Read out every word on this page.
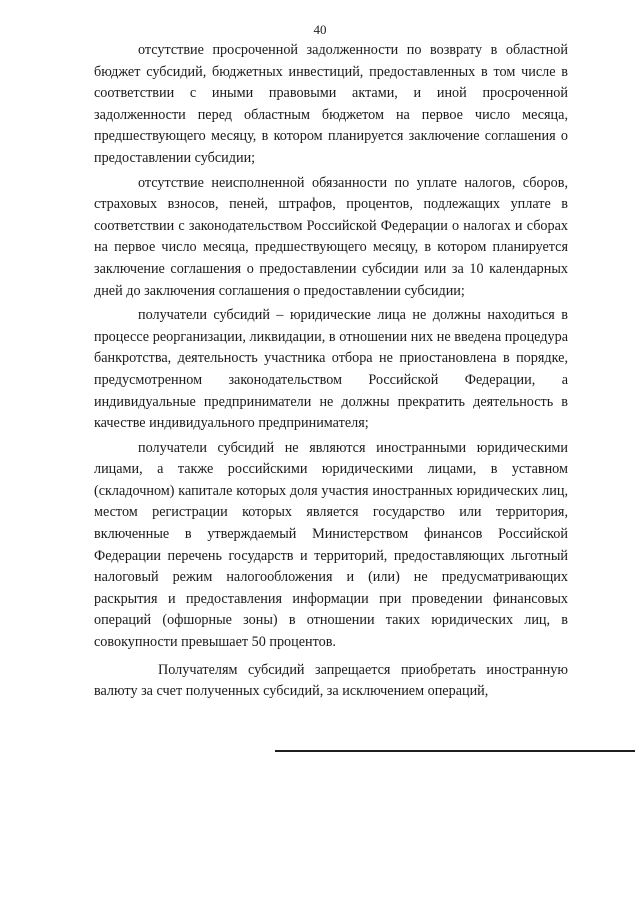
40

отсутствие просроченной задолженности по возврату в областной бюджет субсидий, бюджетных инвестиций, предоставленных в том числе в соответствии с иными правовыми актами, и иной просроченной задолженности перед областным бюджетом на первое число месяца, предшествующего месяцу, в котором планируется заключение соглашения о предоставлении субсидии;

отсутствие неисполненной обязанности по уплате налогов, сборов, страховых взносов, пеней, штрафов, процентов, подлежащих уплате в соответствии с законодательством Российской Федерации о налогах и сборах на первое число месяца, предшествующего месяцу, в котором планируется заключение соглашения о предоставлении субсидии или за 10 календарных дней до заключения соглашения о предоставлении субсидии;

получатели субсидий – юридические лица не должны находиться в процессе реорганизации, ликвидации, в отношении них не введена процедура банкротства, деятельность участника отбора не приостановлена в порядке, предусмотренном законодательством Российской Федерации, а индивидуальные предприниматели не должны прекратить деятельность в качестве индивидуального предпринимателя;

получатели субсидий не являются иностранными юридическими лицами, а также российскими юридическими лицами, в уставном (складочном) капитале которых доля участия иностранных юридических лиц, местом регистрации которых является государство или территория, включенные в утверждаемый Министерством финансов Российской Федерации перечень государств и территорий, предоставляющих льготный налоговый режим налогообложения и (или) не предусматривающих раскрытия и предоставления информации при проведении финансовых операций (офшорные зоны) в отношении таких юридических лиц, в совокупности превышает 50 процентов.

Получателям субсидий запрещается приобретать иностранную валюту за счет полученных субсидий, за исключением операций,
